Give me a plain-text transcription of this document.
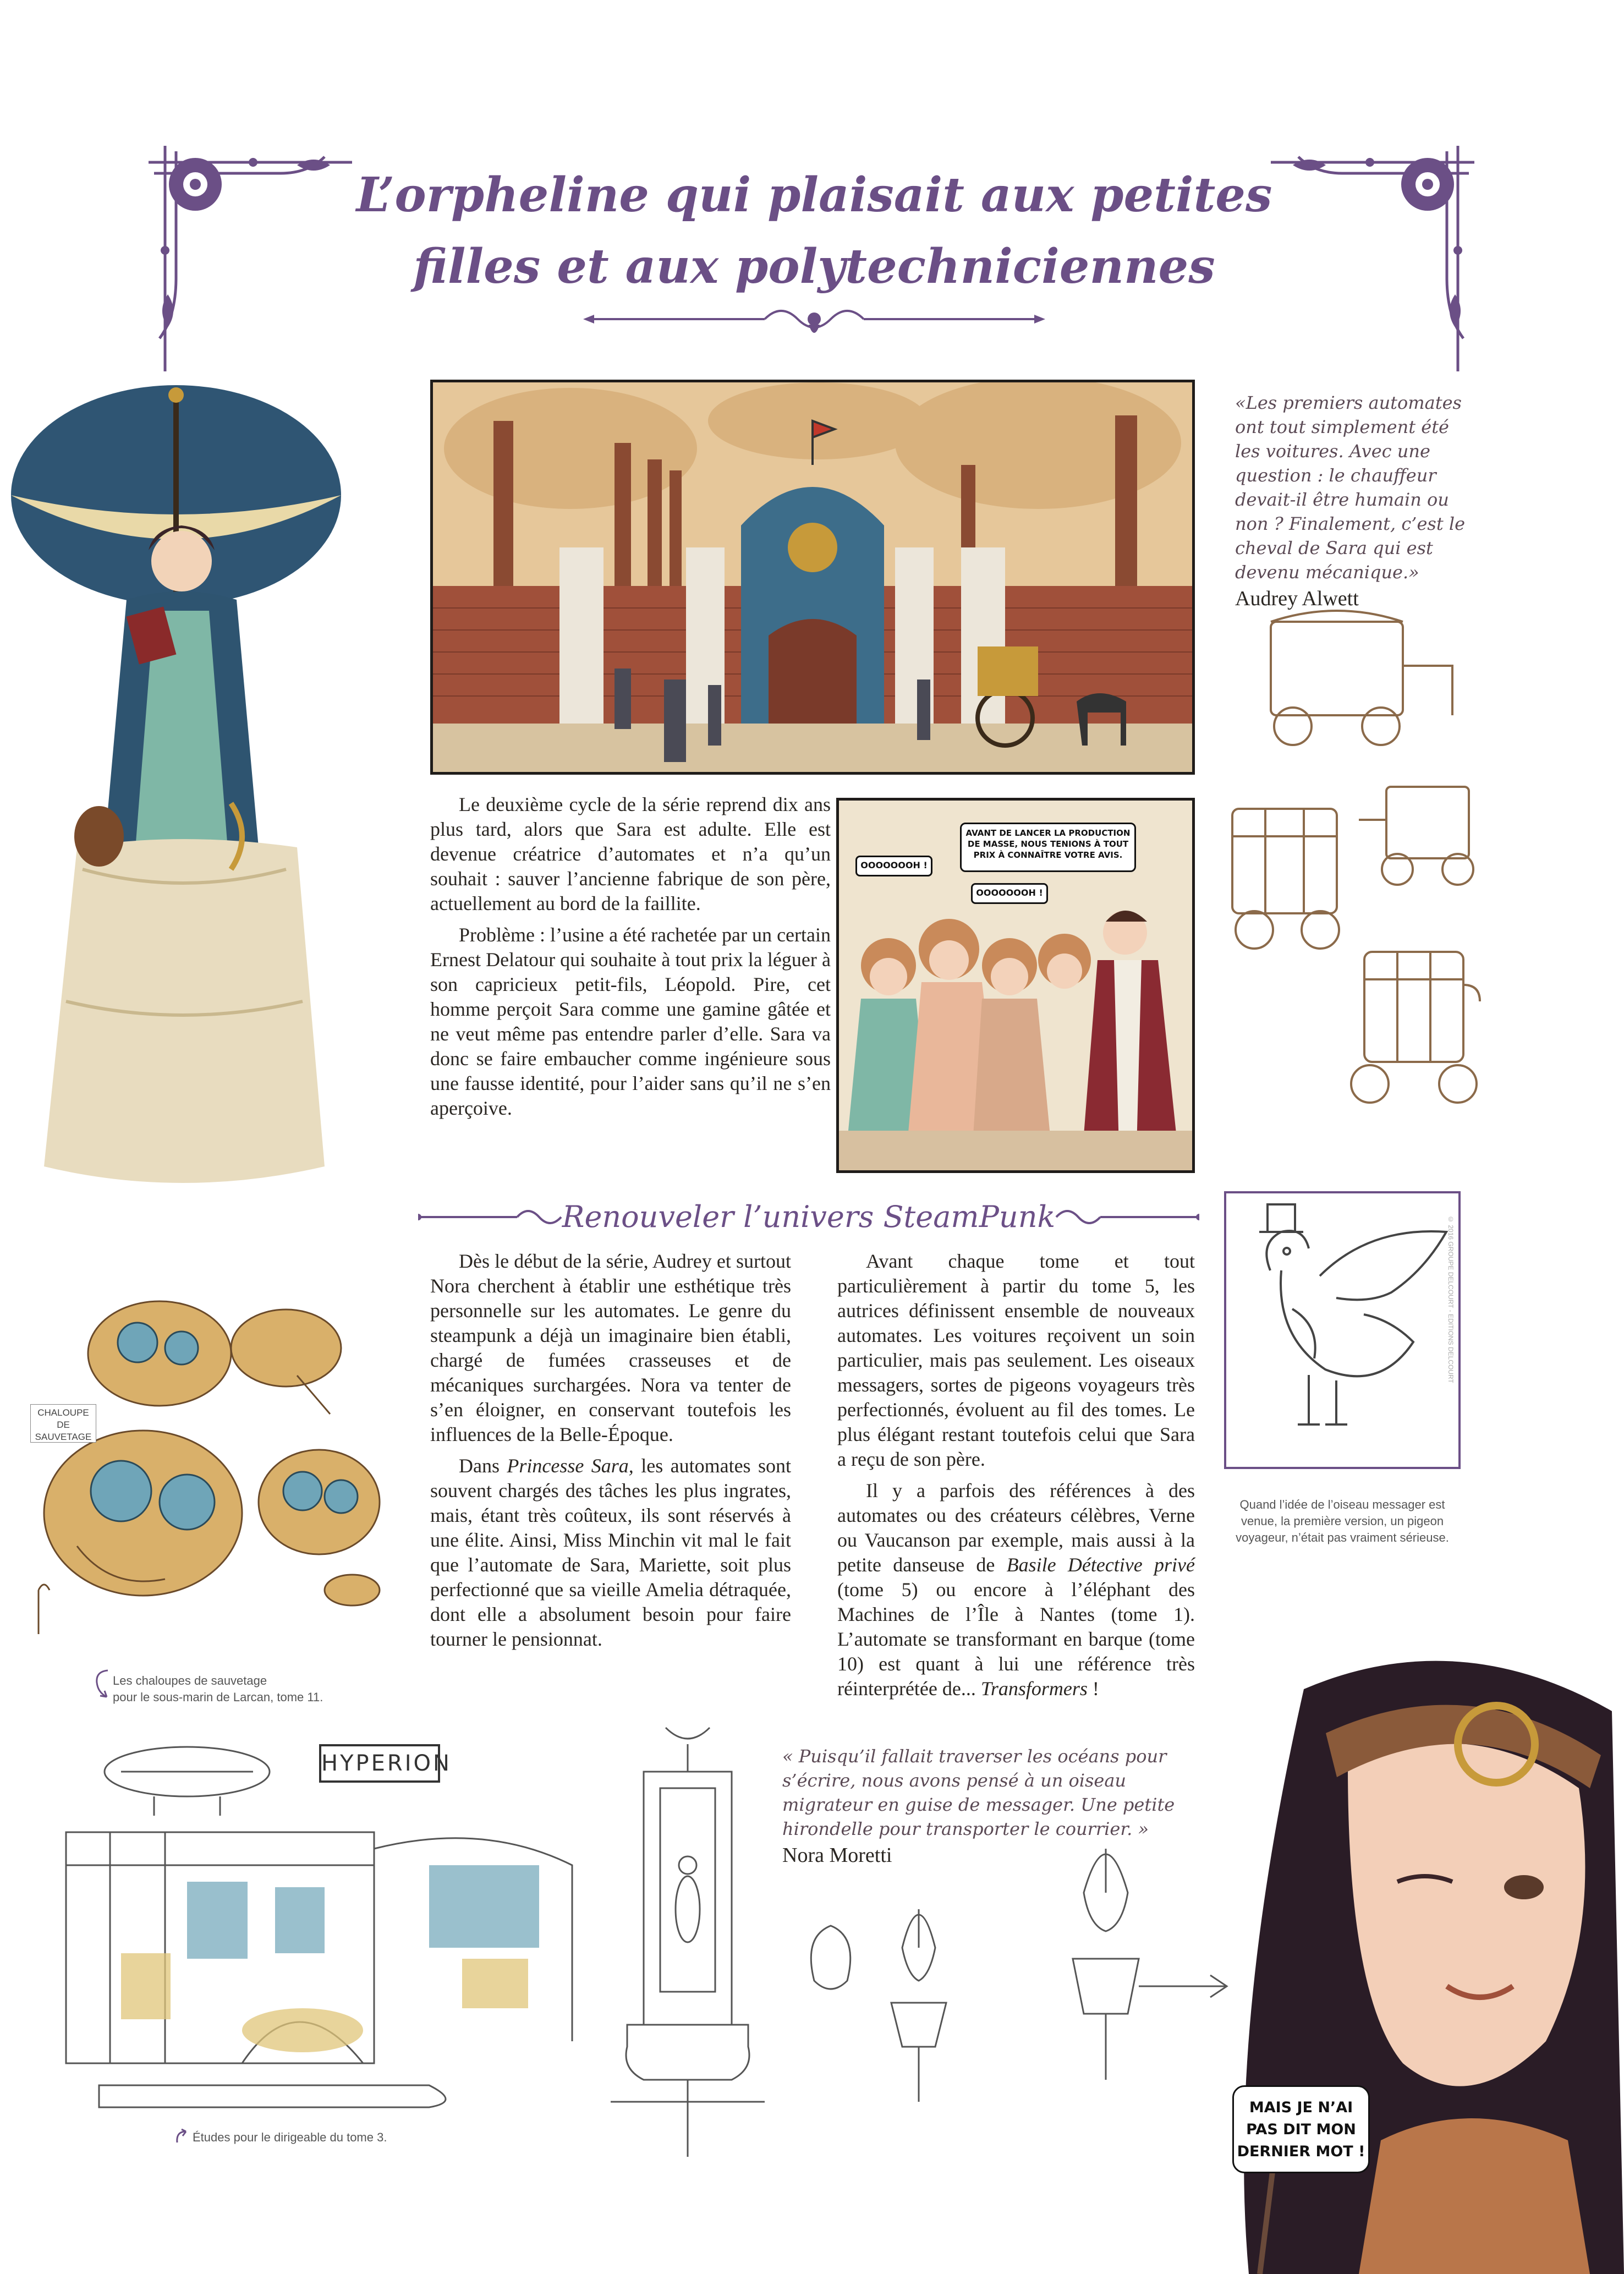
L’orpheline qui plaisait aux petites
filles et aux polytechniciennes
«Les premiers automates ont tout simplement été les voitures. Avec une question : le chauffeur devait-il être humain ou non ? Finalement, c’est le cheval de Sara qui est devenu mécanique.»
Audrey Alwett

Le deuxième cycle de la série reprend dix ans plus tard, alors que Sara est adulte. Elle est devenue créatrice d’automates et n’a qu’un souhait : sauver l’ancienne fabrique de son père, actuellement au bord de la faillite.

Problème : l’usine a été rachetée par un certain Ernest Delatour qui souhaite à tout prix la léguer à son capricieux petit-fils, Léopold. Pire, cet homme perçoit Sara comme une gamine gâtée et ne veut même pas entendre parler d’elle. Sara va donc se faire embaucher comme ingénieure sous une fausse identité, pour l’aider sans qu’il ne s’en aperçoive.

AVANT DE LANCER LA PRODUCTION DE MASSE, NOUS TENIONS À TOUT PRIX À CONNAÎTRE VOTRE AVIS.
OOOOOOOH !
OOOOOOOH !
Renouveler l’univers SteamPunk	© 2016 GROUPE DELCOURT - EDITIONS DELCOURT
Quand l’idée de l’oiseau messager est venue, la première version, un pigeon voyageur, n’était pas vraiment sérieuse.
CHALOUPE DE SAUVETAGE
Les chaloupes de sauvetage
pour le sous-marin de Larcan, tome 11.

Dès le début de la série, Audrey et surtout Nora cherchent à établir une esthétique très personnelle sur les automates. Le genre du steampunk a déjà un imaginaire bien établi, chargé de fumées crasseuses et de mécaniques surchargées. Nora va tenter de s’en éloigner, en conservant toutefois les influences de la Belle-Époque.

Dans Princesse Sara, les automates sont souvent chargés des tâches les plus ingrates, mais, étant très coûteux, ils sont réservés à une élite. Ainsi, Miss Minchin vit mal le fait que l’automate de Sara, Mariette, soit plus perfectionné que sa vieille Amelia détraquée, dont elle a absolument besoin pour faire tourner le pensionnat.

Avant chaque tome et tout particulièrement à partir du tome 5, les autrices définissent ensemble de nouveaux automates. Les voitures reçoivent un soin particulier, mais pas seulement. Les oiseaux messagers, sortes de pigeons voyageurs très perfectionnés, évoluent au fil des tomes. Le plus élégant restant toutefois celui que Sara a reçu de son père.

Il y a parfois des références à des automates ou des créateurs célèbres, Verne ou Vaucanson par exemple, mais aussi à la petite danseuse de Basile Détective privé (tome 5) ou encore à l’éléphant des Machines de l’Île à Nantes (tome 1). L’automate se transformant en barque (tome 10) est quant à lui une référence très réinterprétée de... Transformers !

HYPERION
Études pour le dirigeable du tome 3.
« Puisqu’il fallait traverser les océans pour s’écrire, nous avons pensé à un oiseau migrateur en guise de messager. Une petite hirondelle pour transporter le courrier. »
Nora Moretti
MAIS JE N’AI
PAS DIT MON
DERNIER MOT !
